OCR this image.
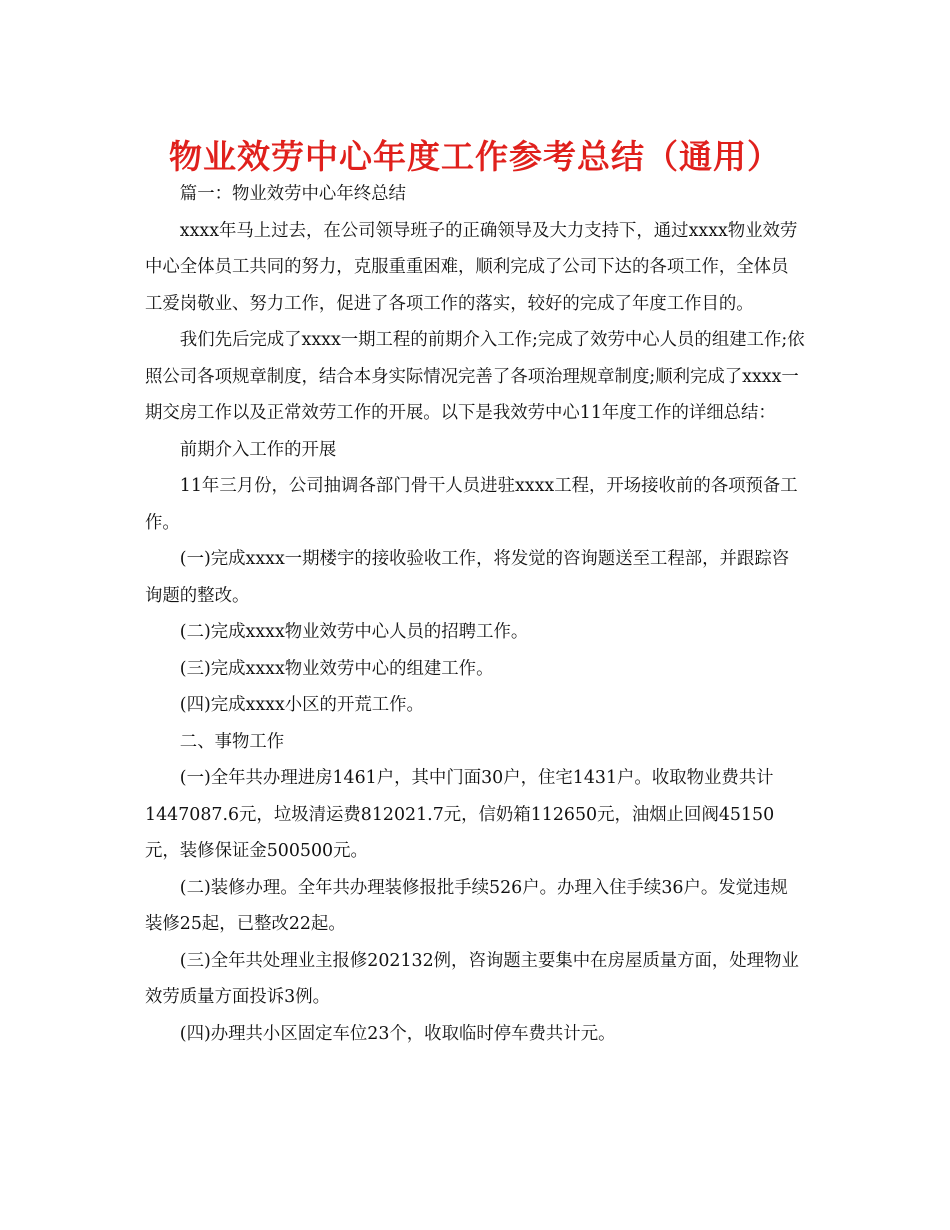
物业效劳中心年度工作参考总结（通用）

篇一：物业效劳中心年终总结

xxxx年马上过去，在公司领导班子的正确领导及大力支持下，通过xxxx物业效劳中心全体员工共同的努力，克服重重困难，顺利完成了公司下达的各项工作，全体员工爱岗敬业、努力工作，促进了各项工作的落实，较好的完成了年度工作目的。

我们先后完成了xxxx一期工程的前期介入工作;完成了效劳中心人员的组建工作;依照公司各项规章制度，结合本身实际情况完善了各项治理规章制度;顺利完成了xxxx一期交房工作以及正常效劳工作的开展。以下是我效劳中心11年度工作的详细总结：

前期介入工作的开展

11年三月份，公司抽调各部门骨干人员进驻xxxx工程，开场接收前的各项预备工作。

(一)完成xxxx一期楼宇的接收验收工作，将发觉的咨询题送至工程部，并跟踪咨询题的整改。

(二)完成xxxx物业效劳中心人员的招聘工作。

(三)完成xxxx物业效劳中心的组建工作。

(四)完成xxxx小区的开荒工作。

二、事物工作

(一)全年共办理进房1461户，其中门面30户，住宅1431户。收取物业费共计1447087.6元，垃圾清运费812021.7元，信奶箱112650元，油烟止回阀45150元，装修保证金500500元。

(二)装修办理。全年共办理装修报批手续526户。办理入住手续36户。发觉违规装修25起，已整改22起。

(三)全年共处理业主报修202132例，咨询题主要集中在房屋质量方面，处理物业效劳质量方面投诉3例。

(四)办理共小区固定车位23个，收取临时停车费共计元。
